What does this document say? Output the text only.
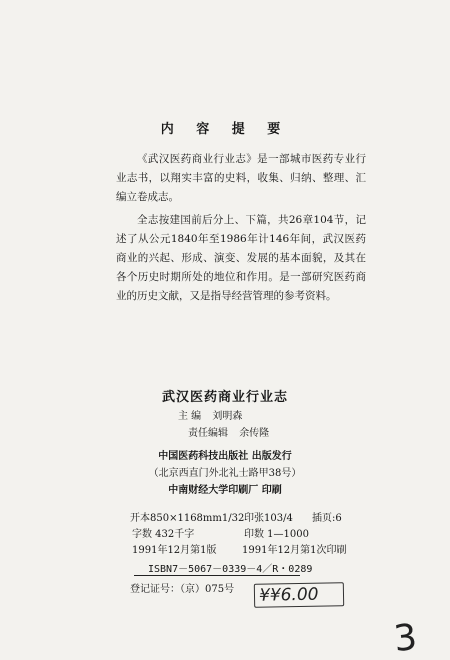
内 容 提 要

《武汉医药商业行业志》是一部城市医药专业行业志书，以翔实丰富的史料，收集、归纳、整理、汇编立卷成志。

全志按建国前后分上、下篇，共26章104节，记述了从公元1840年至1986年计146年间，武汉医药商业的兴起、形成、演变、发展的基本面貌，及其在各个历史时期所处的地位和作用。是一部研究医药商业的历史文献，又是指导经营管理的参考资料。

武汉医药商业行业志
主 编 刘明森
责任编辑 余传隆
中国医药科技出版社 出版发行
（北京西直门外北礼士路甲38号）
中南财经大学印刷厂 印刷
开本850×1168mm1/32 印张103/4 插页:6
字数 432千字	印数 1—1000
1991年12月第1版	1991年12月第1次印刷
ISBN7－5067－0339－4／R・0289
登记证号：（京）075号 ¥¥6.00
3
